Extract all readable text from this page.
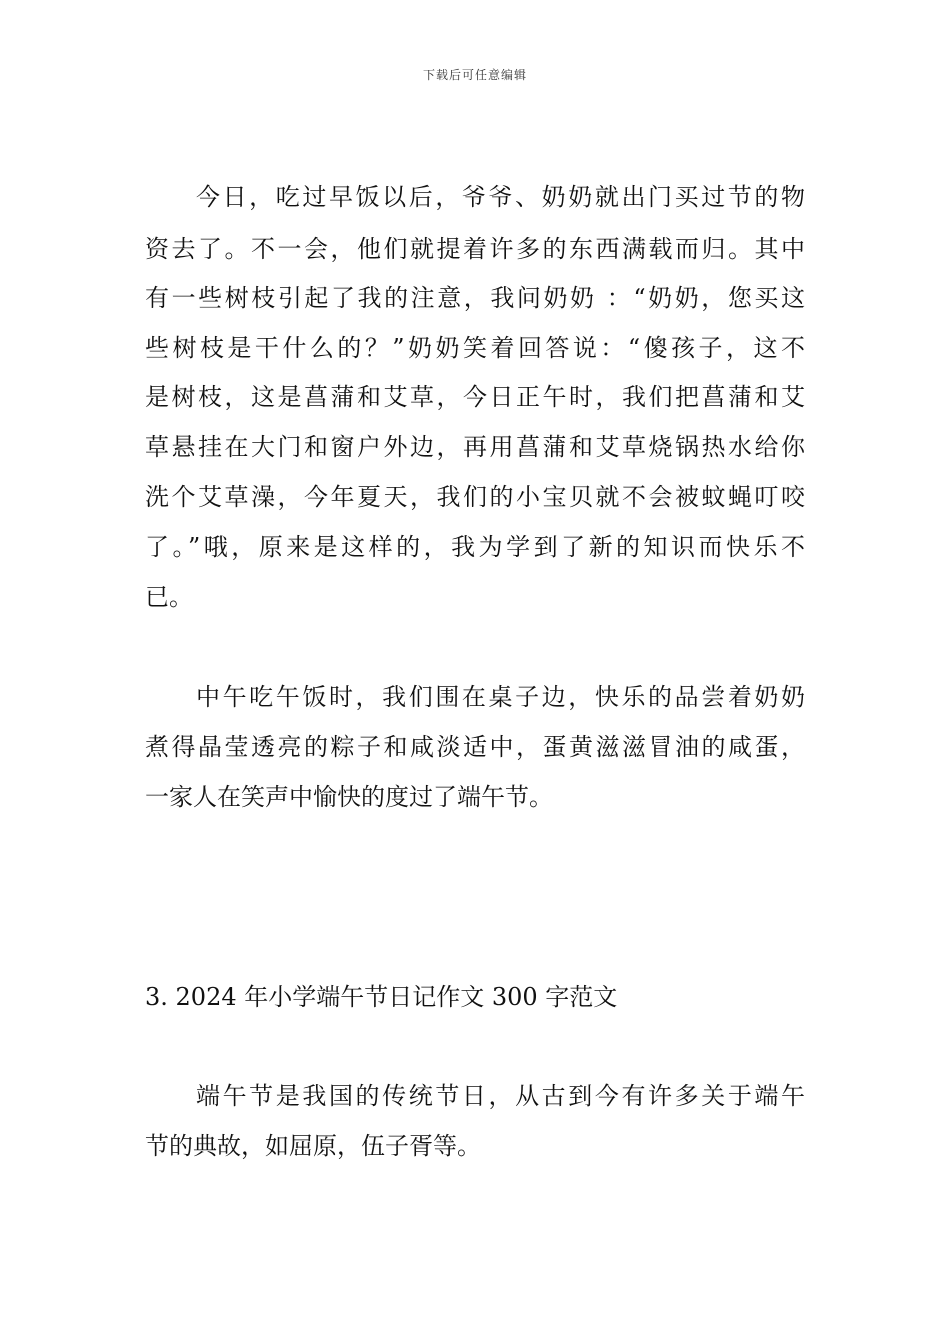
下载后可任意编辑
今日，吃过早饭以后，爷爷、奶奶就出门买过节的物
资去了。不一会，他们就提着许多的东西满载而归。其中
有一些树枝引起了我的注意，我问奶奶 ：“奶奶，您买这
些树枝是干什么的？”奶奶笑着回答说：“傻孩子，这不
是树枝，这是菖蒲和艾草，今日正午时，我们把菖蒲和艾
草悬挂在大门和窗户外边，再用菖蒲和艾草烧锅热水给你
洗个艾草澡，今年夏天，我们的小宝贝就不会被蚊蝇叮咬
了。”哦，原来是这样的，我为学到了新的知识而快乐不
已。
中午吃午饭时，我们围在桌子边，快乐的品尝着奶奶
煮得晶莹透亮的粽子和咸淡适中，蛋黄滋滋冒油的咸蛋，
一家人在笑声中愉快的度过了端午节。
3. 2024 年小学端午节日记作文 300 字范文
端午节是我国的传统节日，从古到今有许多关于端午
节的典故，如屈原，伍子胥等。
